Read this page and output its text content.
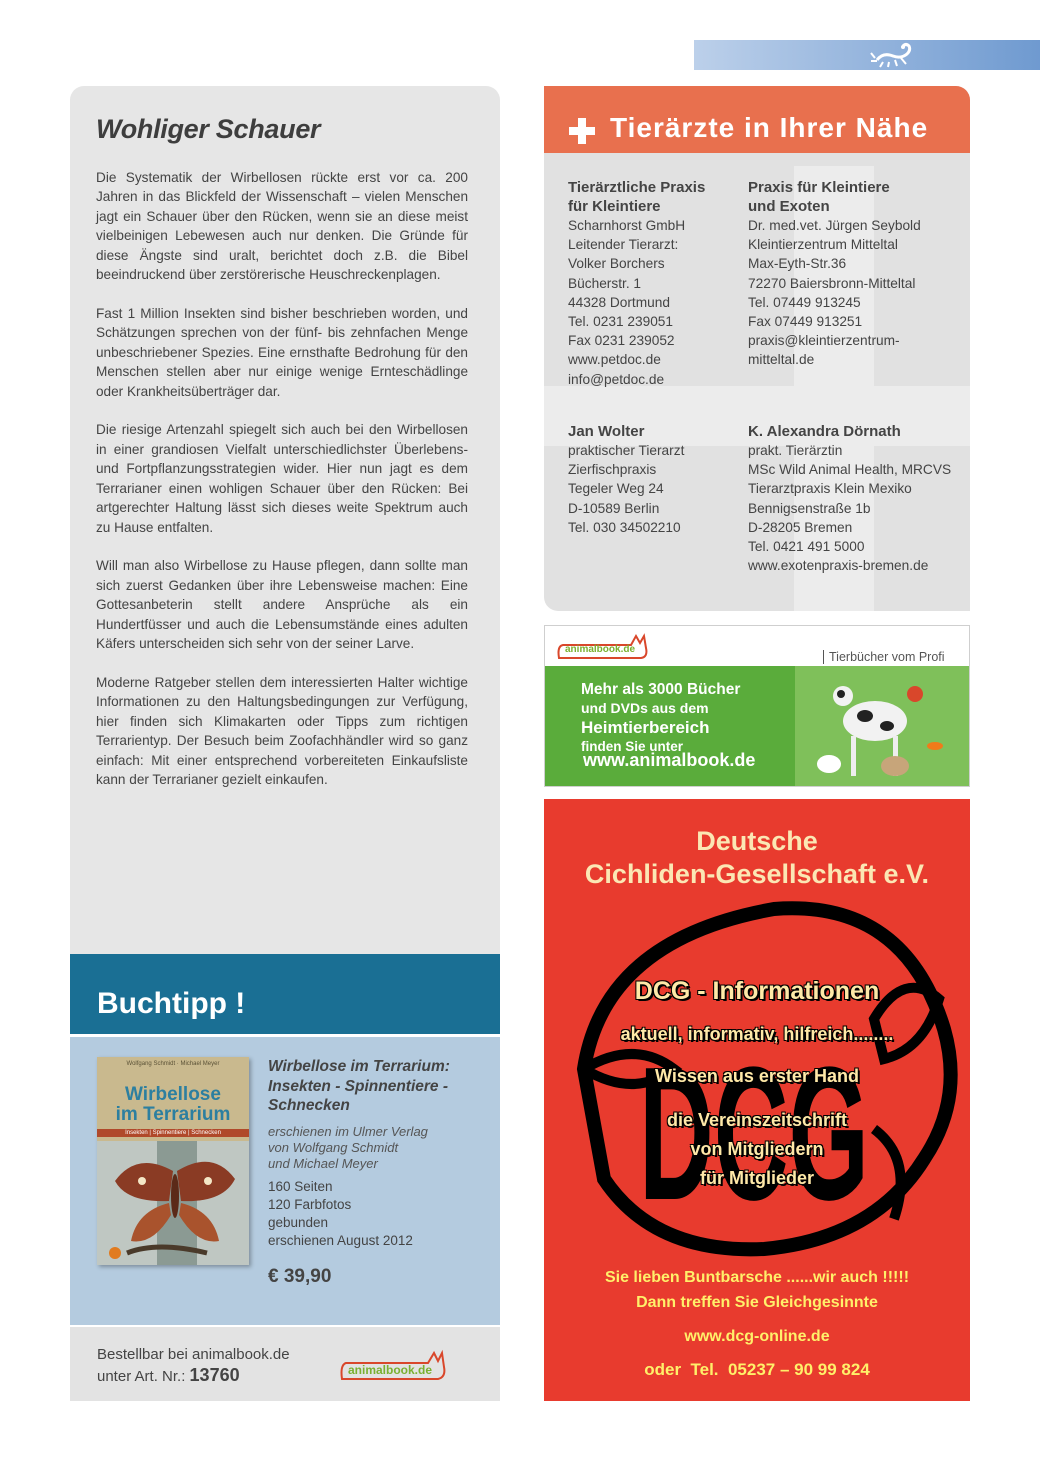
Wohliger Schauer

Die Systematik der Wirbellosen rückte erst vor ca. 200 Jahren in das Blickfeld der Wissenschaft – vielen Menschen jagt ein Schauer über den Rücken, wenn sie an diese meist vielbeinigen Lebewesen auch nur denken. Die Gründe für diese Ängste sind uralt, berichtet doch z.B. die Bibel beeindruckend über zerstörerische Heuschreckenplagen.

Fast 1 Million Insekten sind bisher beschrieben worden, und Schätzungen sprechen von der fünf- bis zehnfachen Menge unbeschriebener Spezies. Eine ernsthafte Bedrohung für den Menschen stellen aber nur einige wenige Ernteschädlinge oder Krankheitsüberträger dar.

Die riesige Artenzahl spiegelt sich auch bei den Wirbellosen in einer grandiosen Vielfalt unterschiedlichster Überlebens- und Fortpflanzungsstrategien wider. Hier nun jagt es dem Terrarianer einen wohligen Schauer über den Rücken: Bei artgerechter Haltung lässt sich dieses weite Spektrum auch zu Hause entfalten.

Will man also Wirbellose zu Hause pflegen, dann sollte man sich zuerst Gedanken über ihre Lebensweise machen: Eine Gottesanbeterin stellt andere Ansprüche als ein Hundertfüsser und auch die Lebensumstände eines adulten Käfers unterscheiden sich sehr von der seiner Larve.

Moderne Ratgeber stellen dem interessierten Halter wichtige Informationen zu den Haltungsbedingungen zur Verfügung, hier finden sich Klimakarten oder Tipps zum richtigen Terrarientyp. Der Besuch beim Zoofachhändler wird so ganz einfach: Mit einer entsprechend vorbereiteten Einkaufsliste kann der Terrarianer gezielt einkaufen.

Buchtipp !
Wolfgang Schmidt · Michael Meyer
Wirbellose
im Terrarium
Insekten | Spinnentiere | Schnecken
Wirbellose im Terrarium:
Insekten - Spinnentiere -
Schnecken
erschienen im Ulmer Verlag
von Wolfgang Schmidt
und Michael Meyer
160 Seiten
120 Farbfotos
gebunden
erschienen August 2012
€ 39,90
Bestellbar bei animalbook.de
unter Art. Nr.: 13760	animalbook.de
Tierärzte in Ihrer Nähe
Tierärztliche Praxis
für Kleintiere
Scharnhorst GmbH
Leitender Tierarzt:
Volker Borchers
Bücherstr. 1
44328 Dortmund
Tel. 0231 239051
Fax 0231 239052
www.petdoc.de
info@petdoc.de
Praxis für Kleintiere
und Exoten
Dr. med.vet. Jürgen Seybold
Kleintierzentrum Mitteltal
Max-Eyth-Str.36
72270 Baiersbronn-Mitteltal
Tel. 07449 913245
Fax 07449 913251
praxis@kleintierzentrum-
mitteltal.de
Jan Wolter
praktischer Tierarzt
Zierfischpraxis
Tegeler Weg 24
D-10589 Berlin
Tel. 030 34502210
K. Alexandra Dörnath
prakt. Tierärztin
MSc Wild Animal Health, MRCVS
Tierarztpraxis Klein Mexiko
Bennigsenstraße 1b
D-28205 Bremen
Tel. 0421 491 5000
www.exotenpraxis-bremen.de
animalbook.de
Tierbücher vom Profi
Mehr als 3000 Bücher
und DVDs aus dem
Heimtierbereich
finden Sie unter
www.animalbook.de
Deutsche
Cichliden-Gesellschaft e.V.
DCG
DCG - Informationen
aktuell, informativ, hilfreich........
Wissen aus erster Hand
die Vereinszeitschrift
von Mitgliedern
für Mitglieder
Sie lieben Buntbarsche ......wir auch !!!!!
Dann treffen Sie Gleichgesinnte
www.dcg-online.de
oder  Tel.  05237 – 90 99 824
